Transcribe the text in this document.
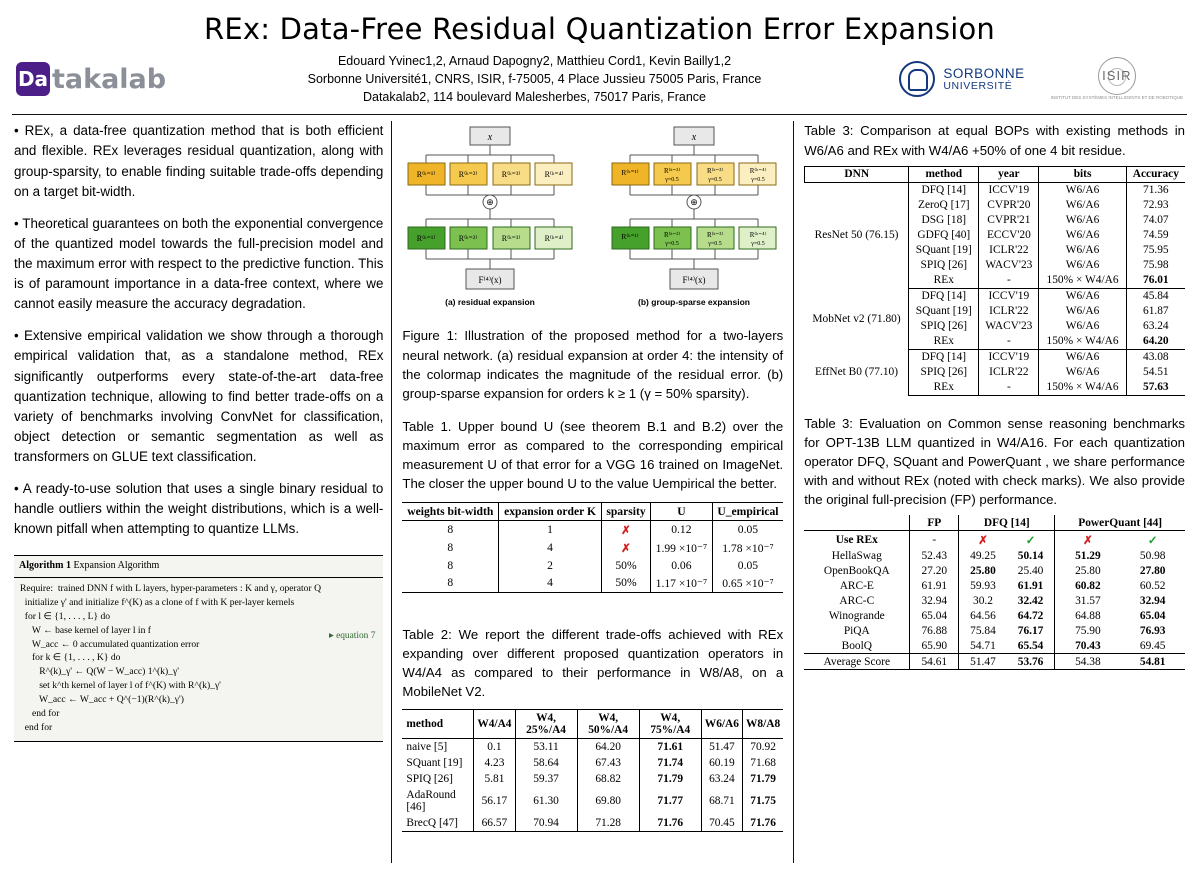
REx: Data-Free Residual Quantization Error Expansion
Da takalab
Edouard Yvinec1,2, Arnaud Dapogny2, Matthieu Cord1, Kevin Bailly1,2
Sorbonne Université1, CNRS, ISIR, f-75005, 4 Place Jussieu 75005 Paris, France
Datakalab2, 114 boulevard Malesherbes, 75017 Paris, France
SORBONNE
UNIVERSITÉ
ISIR
INSTITUT DES SYSTÈMES INTELLIGENTS ET DE ROBOTIQUE

• REx, a data-free quantization method that is both efficient and flexible. REx leverages residual quantization, along with group-sparsity, to enable finding suitable trade-offs depending on a target bit-width.

• Theoretical guarantees on both the exponential convergence of the quantized model towards the full-precision model and the maximum error with respect to the predictive function. This is of paramount importance in a data-free context, where we cannot easily measure the accuracy degradation.

• Extensive empirical validation we show through a thorough empirical validation that, as a standalone method, REx significantly outperforms every state-of-the-art data-free quantization technique, allowing to find better trade-offs on a variety of benchmarks involving ConvNet for classification, object detection or semantic segmentation as well as transformers on GLUE text classification.

• A ready-to-use solution that uses a single binary residual to handle outliers within the weight distributions, which is a well-known pitfall when attempting to quantize LLMs.

Algorithm 1 Expansion Algorithm
Require:  trained DNN f with L layers, hyper-parameters : K and γ, operator Q
initialize γ' and initialize f^(K) as a clone of f with K per-layer kernels
for l ∈ {1, . . . , L} do
W ← base kernel of layer l in f
W_acc ← 0 accumulated quantization error
for k ∈ {1, . . . , K} do
R^(k)_γ' ← Q(W − W_acc) 1^(k)_γ'
set k^th kernel of layer l of f^(K) with R^(k)_γ'
W_acc ← W_acc + Q^(−1)(R^(k)_γ')
end for
end for
▸ equation 7
x
R⁽ᵏ⁼¹⁾	R⁽ᵏ⁼²⁾	R⁽ᵏ⁼³⁾	R⁽ᵏ⁼⁴⁾
⊕
R⁽ᵏ⁼¹⁾	R⁽ᵏ⁼²⁾	R⁽ᵏ⁼³⁾	R⁽ᵏ⁼⁴⁾
F⁽⁴⁾(x)
(a) residual expansion
x
R⁽ᵏ⁼¹⁾	R⁽ᵏ⁼²⁾
γ=0.5
R⁽ᵏ⁼³⁾
γ=0.5
R⁽ᵏ⁼⁴⁾
γ=0.5
⊕
R⁽ᵏ⁼¹⁾	R⁽ᵏ⁼²⁾
γ=0.5
R⁽ᵏ⁼³⁾
γ=0.5
R⁽ᵏ⁼⁴⁾
γ=0.5
F⁽⁴⁾(x)
(b) group-sparse expansion
Figure 1: Illustration of the proposed method for a two-layers neural network. (a) residual expansion at order 4: the intensity of the colormap indicates the magnitude of the residual error. (b) group-sparse expansion for orders k ≥ 1 (γ = 50% sparsity).
Table 1. Upper bound U (see theorem B.1 and B.2) over the maximum error as compared to the corresponding empirical measurement U of that error for a VGG 16 trained on ImageNet. The closer the upper bound U to the value Uempirical the better.
weights bit-width	expansion order K	sparsity	U	U_empirical
8	1	✗	0.12	0.05
8	4	✗	1.99 ×10⁻⁷	1.78 ×10⁻⁷
8	2	50%	0.06	0.05
8	4	50%	1.17 ×10⁻⁷	0.65 ×10⁻⁷
Table 2: We report the different trade-offs achieved with REx expanding over different proposed quantization operators in W4/A4 as compared to their performance in W8/A8, on a MobileNet V2.
method	W4/A4	W4, 25%/A4	W4, 50%/A4	W4, 75%/A4	W6/A6	W8/A8
naive [5]	0.1	53.11	64.20	71.61	51.47	70.92
SQuant [19]	4.23	58.64	67.43	71.74	60.19	71.68
SPIQ [26]	5.81	59.37	68.82	71.79	63.24	71.79
AdaRound [46]	56.17	61.30	69.80	71.77	68.71	71.75
BrecQ [47]	66.57	70.94	71.28	71.76	70.45	71.76
Table 3: Comparison at equal BOPs with existing methods in W6/A6 and REx with W4/A6 +50% of one 4 bit residue.
DNN	method	year	bits	Accuracy
ResNet 50 (76.15)	DFQ [14]	ICCV'19	W6/A6	71.36
	ZeroQ [17]	CVPR'20	W6/A6	72.93
	DSG [18]	CVPR'21	W6/A6	74.07
	GDFQ [40]	ECCV'20	W6/A6	74.59
	SQuant [19]	ICLR'22	W6/A6	75.95
	SPIQ [26]	WACV'23	W6/A6	75.98
	REx	-	150% × W4/A6	76.01
MobNet v2 (71.80)	DFQ [14]	ICCV'19	W6/A6	45.84
	SQuant [19]	ICLR'22	W6/A6	61.87
	SPIQ [26]	WACV'23	W6/A6	63.24
	REx	-	150% × W4/A6	64.20
EffNet B0 (77.10)	DFQ [14]	ICCV'19	W6/A6	43.08
	SPIQ [26]	ICLR'22	W6/A6	54.51
	REx	-	150% × W4/A6	57.63
Table 3: Evaluation on Common sense reasoning benchmarks for OPT-13B LLM quantized in W4/A16. For each quantization operator DFQ, SQuant and PowerQuant , we share performance with and without REx (noted with check marks). We also provide the original full-precision (FP) performance.
	FP	DFQ [14]		PowerQuant [44]	
Use REx	-	✗	✓	✗	✓
HellaSwag	52.43	49.25	50.14	51.29	50.98
OpenBookQA	27.20	25.80	25.40	25.80	27.80
ARC-E	61.91	59.93	61.91	60.82	60.52
ARC-C	32.94	30.2	32.42	31.57	32.94
Winogrande	65.04	64.56	64.72	64.88	65.04
PiQA	76.88	75.84	76.17	75.90	76.93
BoolQ	65.90	54.71	65.54	70.43	69.45
Average Score	54.61	51.47	53.76	54.38	54.81
